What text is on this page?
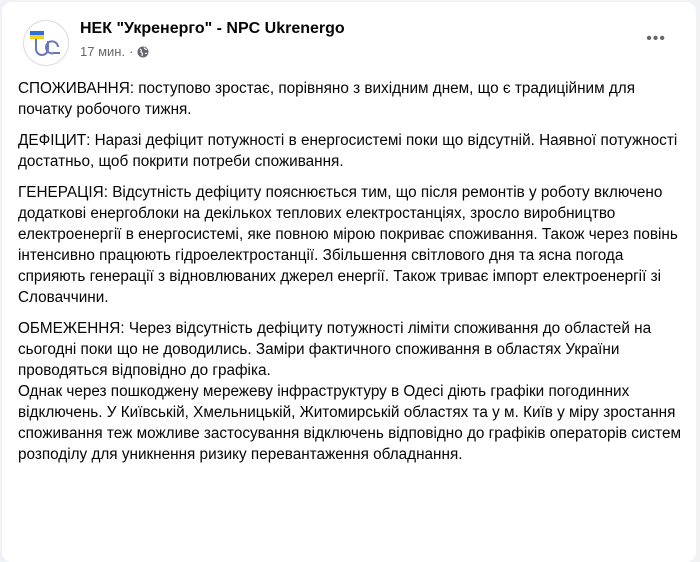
НЕК "Укренерго" - NPC Ukrenergo
17 мин. ·
•••

СПОЖИВАННЯ: поступово зростає, порівняно з вихідним днем, що є традиційним для початку робочого тижня.

ДЕФІЦИТ: Наразі дефіцит потужності в енергосистемі поки що відсутній. Наявної потужності достатньо, щоб покрити потреби споживання.

ГЕНЕРАЦІЯ: Відсутність дефіциту пояснюється тим, що після ремонтів у роботу включено додаткові енергоблоки на декількох теплових електростанціях, зросло виробництво електроенергії в енергосистемі, яке повною мірою покриває споживання. Також через повінь інтенсивно працюють гідроелектростанції. Збільшення світлового дня та ясна погода сприяють генерації з відновлюваних джерел енергії. Також триває імпорт електроенергії зі Словаччини.

ОБМЕЖЕННЯ: Через відсутність дефіциту потужності ліміти споживання до областей на сьогодні поки що не доводились. Заміри фактичного споживання в областях України проводяться відповідно до графіка.

Однак через пошкоджену мережеву інфраструктуру в Одесі діють графіки погодинних відключень. У Київській, Хмельницькій, Житомирській областях та у м. Київ у міру зростання споживання теж можливе застосування відключень відповідно до графіків операторів систем розподілу для уникнення ризику перевантаження обладнання.
